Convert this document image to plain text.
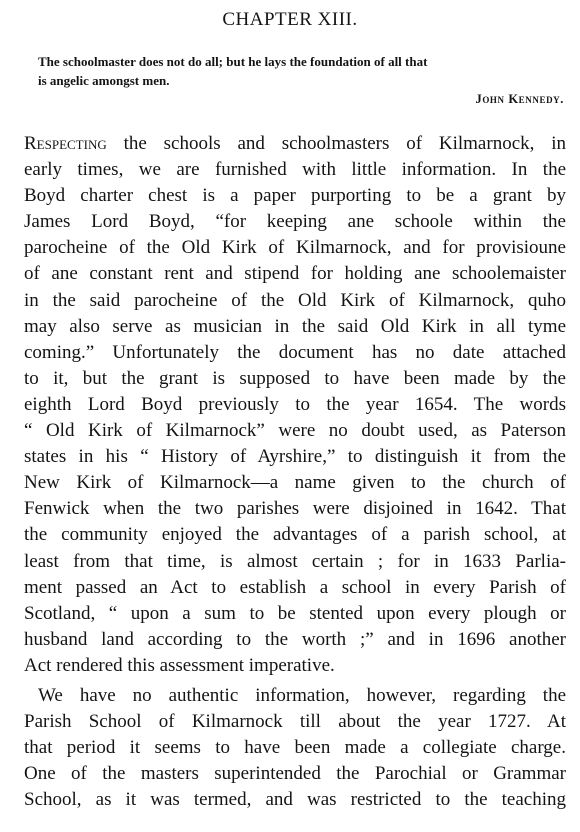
CHAPTER XIII.
The schoolmaster does not do all; but he lays the foundation of all that
is angelic amongst men.
John Kennedy.
Respecting the schools and schoolmasters of Kilmarnock, in
early times, we are furnished with little information. In the
Boyd charter chest is a paper purporting to be a grant by
James Lord Boyd, “for keeping ane schoole within the
parocheine of the Old Kirk of Kilmarnock, and for provisioune
of ane constant rent and stipend for holding ane schoolemaister
in the said parocheine of the Old Kirk of Kilmarnock, quho
may also serve as musician in the said Old Kirk in all tyme
coming.” Unfortunately the document has no date attached
to it, but the grant is supposed to have been made by the
eighth Lord Boyd previously to the year 1654. The words
“ Old Kirk of Kilmarnock” were no doubt used, as Paterson
states in his “ History of Ayrshire,” to distinguish it from the
New Kirk of Kilmarnock—a name given to the church of
Fenwick when the two parishes were disjoined in 1642. That
the community enjoyed the advantages of a parish school, at
least from that time, is almost certain ; for in 1633 Parlia-
ment passed an Act to establish a school in every Parish of
Scotland, “ upon a sum to be stented upon every plough or
husband land according to the worth ;” and in 1696 another
Act rendered this assessment imperative.
We have no authentic information, however, regarding the
Parish School of Kilmarnock till about the year 1727. At
that period it seems to have been made a collegiate charge.
One of the masters superintended the Parochial or Grammar
School, as it was termed, and was restricted to the teaching
